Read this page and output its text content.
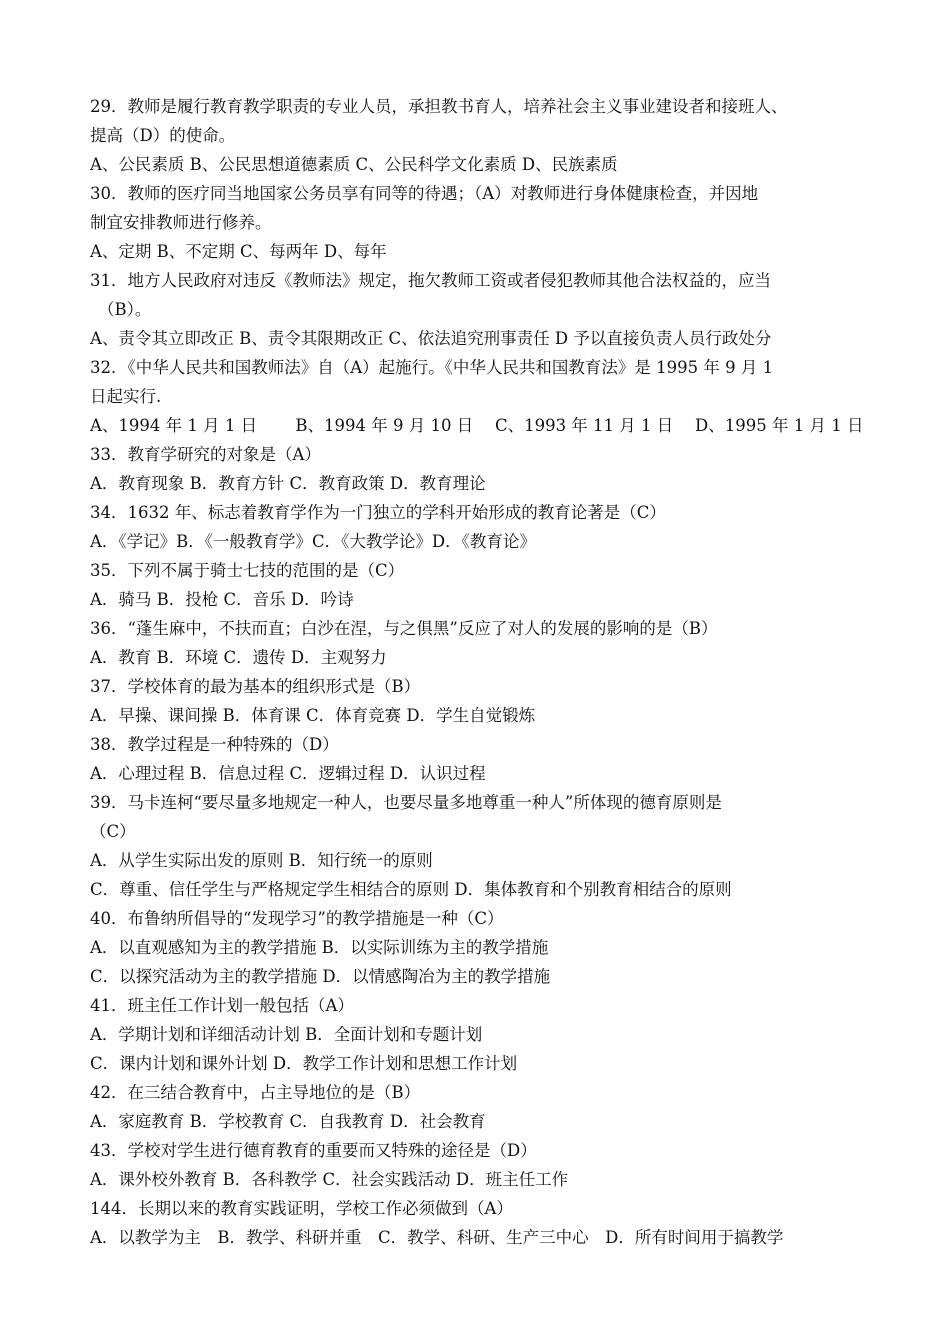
29．教师是履行教育教学职责的专业人员，承担教书育人，培养社会主义事业建设者和接班人、
提高（D）的使命。
A、公民素质 B、公民思想道德素质 C、公民科学文化素质 D、民族素质
30．教师的医疗同当地国家公务员享有同等的待遇；（A）对教师进行身体健康检查，并因地
制宜安排教师进行修养。
A、定期 B、不定期 C、每两年 D、每年
31．地方人民政府对违反《教师法》规定，拖欠教师工资或者侵犯教师其他合法权益的，应当
（B）。
A、责令其立即改正 B、责令其限期改正 C、依法追究刑事责任 D 予以直接负责人员行政处分
32．《中华人民共和国教师法》自（A）起施行。《中华人民共和国教育法》是 1995 年 9 月 1
日起实行.
A、1994 年 1 月 1 日　　 B、1994 年 9 月 10 日　 C、1993 年 11 月 1 日　 D、1995 年 1 月 1 日
33．教育学研究的对象是（A）
A．教育现象 B．教育方针 C．教育政策 D．教育理论
34．1632 年、标志着教育学作为一门独立的学科开始形成的教育论著是（C）
A．《学记》B．《一般教育学》C．《大教学论》D．《教育论》
35．下列不属于骑士七技的范围的是（C）
A．骑马 B．投枪 C．音乐 D．吟诗
36．“蓬生麻中，不扶而直；白沙在涅，与之俱黑”反应了对人的发展的影响的是（B）
A．教育 B．环境 C．遗传 D．主观努力
37．学校体育的最为基本的组织形式是（B）
A．早操、课间操 B．体育课 C．体育竞赛 D．学生自觉锻炼
38．教学过程是一种特殊的（D）
A．心理过程 B．信息过程 C．逻辑过程 D．认识过程
39．马卡连柯“要尽量多地规定一种人，也要尽量多地尊重一种人”所体现的德育原则是
（C）
A．从学生实际出发的原则 B．知行统一的原则
C．尊重、信任学生与严格规定学生相结合的原则 D．集体教育和个别教育相结合的原则
40．布鲁纳所倡导的“发现学习”的教学措施是一种（C）
A．以直观感知为主的教学措施 B．以实际训练为主的教学措施
C．以探究活动为主的教学措施 D．以情感陶冶为主的教学措施
41．班主任工作计划一般包括（A）
A．学期计划和详细活动计划 B．全面计划和专题计划
C．课内计划和课外计划 D．教学工作计划和思想工作计划
42．在三结合教育中，占主导地位的是（B）
A．家庭教育 B．学校教育 C．自我教育 D．社会教育
43．学校对学生进行德育教育的重要而又特殊的途径是（D）
A．课外校外教育 B．各科教学 C．社会实践活动 D．班主任工作
144．长期以来的教育实践证明，学校工作必须做到（A）
A．以教学为主　B．教学、科研并重　C．教学、科研、生产三中心　D．所有时间用于搞教学
